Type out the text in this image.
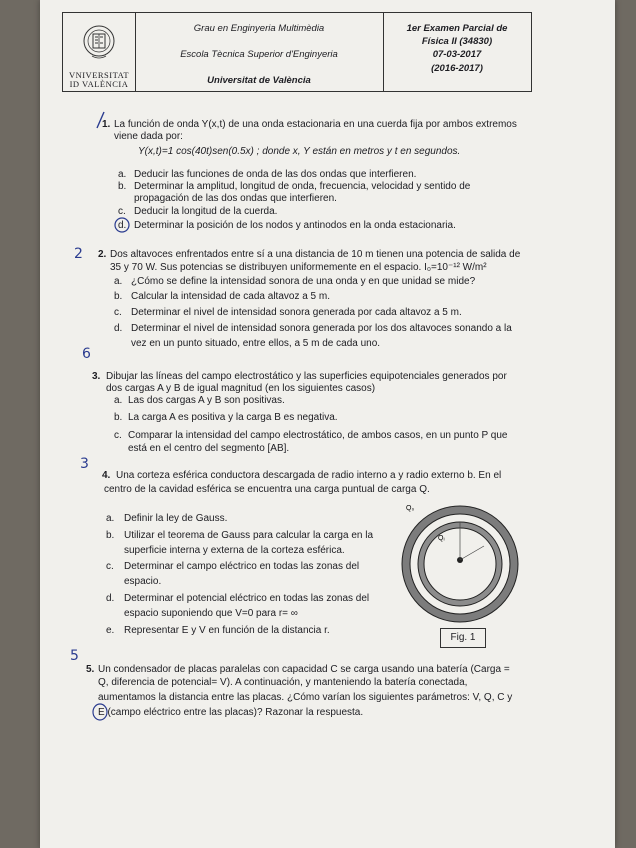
VNIVERSITAT
ID VALÈNCIA
Grau en Enginyeria Multimèdia
Escola Tècnica Superior d'Enginyeria
Universitat de València
1er Examen Parcial de
Física II (34830)
07-03-2017
(2016-2017)
1. La función de onda Y(x,t) de una onda estacionaria en una cuerda fija por ambos extremos
viene dada por:
Y(x,t)=1 cos(40t)sen(0.5x) ; donde x, Y están en metros y t en segundos.
a. Deducir las funciones de onda de las dos ondas que interfieren.
b. Determinar la amplitud, longitud de onda, frecuencia, velocidad y sentido de
propagación de las dos ondas que interfieren.
c. Deducir la longitud de la cuerda.
d. Determinar la posición de los nodos y antinodos en la onda estacionaria.
2. Dos altavoces enfrentados entre sí a una distancia de 10 m tienen una potencia de salida de
35 y 70 W. Sus potencias se distribuyen uniformemente en el espacio. I₀=10⁻¹² W/m²
a. ¿Cómo se define la intensidad sonora de una onda y en que unidad se mide?
b. Calcular la intensidad de cada altavoz a 5 m.
c. Determinar el nivel de intensidad sonora generada por cada altavoz a 5 m.
d. Determinar el nivel de intensidad sonora generada por los dos altavoces sonando a la
vez en un punto situado, entre ellos, a 5 m de cada uno.
3. Dibujar las líneas del campo electrostático y las superficies equipotenciales generados por
dos cargas A y B de igual magnitud (en los siguientes casos)
a. Las dos cargas A y B son positivas.
b. La carga A es positiva y la carga B es negativa.
c. Comparar la intensidad del campo electrostático, de ambos casos, en un punto P que
está en el centro del segmento [AB].
4. Una corteza esférica conductora descargada de radio interno a y radio externo b. En el
centro de la cavidad esférica se encuentra una carga puntual de carga Q.
a. Definir la ley de Gauss.
b. Utilizar el teorema de Gauss para calcular la carga en la
superficie interna y externa de la corteza esférica.
c. Determinar el campo eléctrico en todas las zonas del
espacio.
d. Determinar el potencial eléctrico en todas las zonas del
espacio suponiendo que V=0 para r= ∞
e. Representar E y V en función de la distancia r.
Q₀
Qᵢ
Fig. 1
5. Un condensador de placas paralelas con capacidad C se carga usando una batería (Carga =
Q, diferencia de potencial= V). A continuación, y manteniendo la batería conectada,
aumentamos la distancia entre las placas. ¿Cómo varían los siguientes parámetros: V, Q, C y
E (campo eléctrico entre las placas)? Razonar la respuesta.
2
6
3
5
